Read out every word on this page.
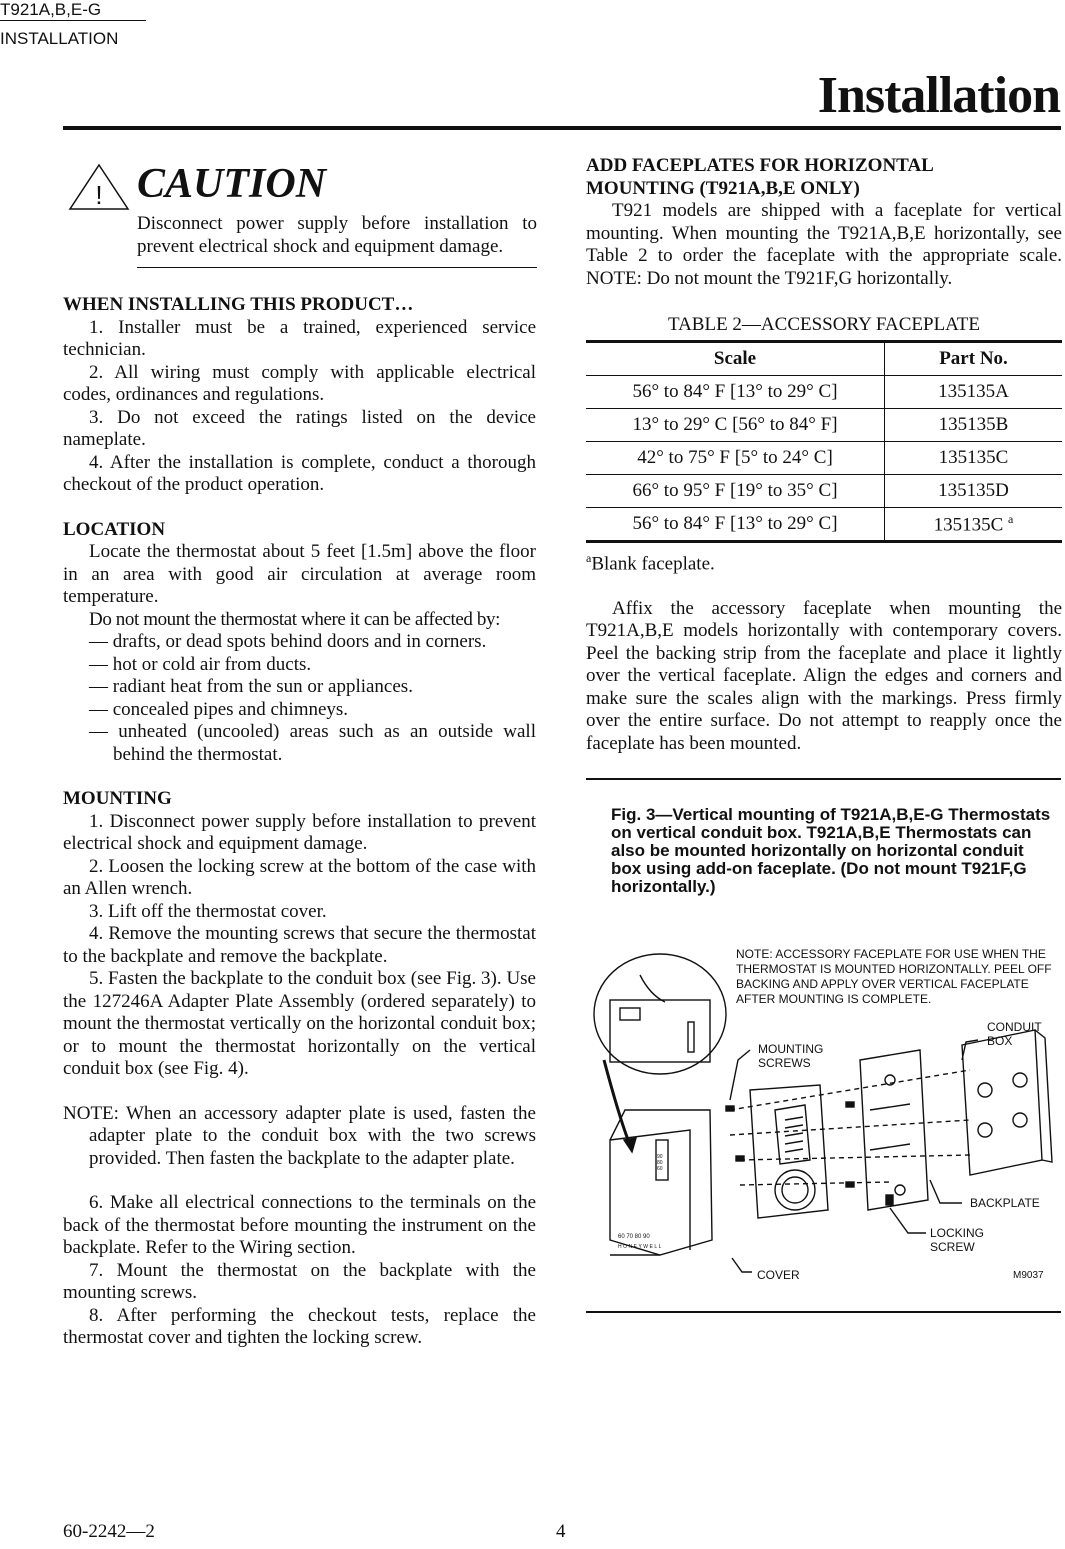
T921A,B,E-G
INSTALLATION
Installation
! CAUTION
Disconnect power supply before installation to prevent electrical shock and equipment damage.

WHEN INSTALLING THIS PRODUCT…

1. Installer must be a trained, experienced service technician.

2. All wiring must comply with applicable electrical codes, ordinances and regulations.

3. Do not exceed the ratings listed on the device nameplate.

4. After the installation is complete, conduct a thorough checkout of the product operation.

LOCATION

Locate the thermostat about 5 feet [1.5m] above the floor in an area with good air circulation at average room temperature.

Do not mount the thermostat where it can be affected by:

— drafts, or dead spots behind doors and in corners.

— hot or cold air from ducts.

— radiant heat from the sun or appliances.

— concealed pipes and chimneys.

— unheated (uncooled) areas such as an outside wall behind the thermostat.

MOUNTING

1. Disconnect power supply before installation to prevent electrical shock and equipment damage.

2. Loosen the locking screw at the bottom of the case with an Allen wrench.

3. Lift off the thermostat cover.

4. Remove the mounting screws that secure the thermostat to the backplate and remove the backplate.

5. Fasten the backplate to the conduit box (see Fig. 3). Use the 127246A Adapter Plate Assembly (ordered separately) to mount the thermostat vertically on the horizontal conduit box; or to mount the thermostat horizontally on the vertical conduit box (see Fig. 4).

NOTE: When an accessory adapter plate is used, fasten the adapter plate to the conduit box with the two screws provided. Then fasten the backplate to the adapter plate.

6. Make all electrical connections to the terminals on the back of the thermostat before mounting the instrument on the backplate. Refer to the Wiring section.

7. Mount the thermostat on the backplate with the mounting screws.

8. After performing the checkout tests, replace the thermostat cover and tighten the locking screw.

ADD FACEPLATES FOR HORIZONTAL

MOUNTING (T921A,B,E ONLY)

T921 models are shipped with a faceplate for vertical mounting. When mounting the T921A,B,E horizontally, see Table 2 to order the faceplate with the appropriate scale. NOTE: Do not mount the T921F,G horizontally.

TABLE 2—ACCESSORY FACEPLATE

Scale	Part No.
56° to 84° F [13° to 29° C]	135135A
13° to 29° C [56° to 84° F]	135135B
42° to 75° F [5° to 24° C]	135135C
66° to 95° F [19° to 35° C]	135135D
56° to 84° F [13° to 29° C]	135135C $^a$

$^a$Blank faceplate.

Affix the accessory faceplate when mounting the T921A,B,E models horizontally with contemporary covers. Peel the backing strip from the faceplate and place it lightly over the vertical faceplate. Align the edges and corners and make sure the scales align with the markings. Press firmly over the entire surface. Do not attempt to reapply once the faceplate has been mounted.

Fig. 3—Vertical mounting of T921A,B,E-G Thermostats on vertical conduit box. T921A,B,E Thermostats can also be mounted horizontally on horizontal conduit box using add-on faceplate. (Do not mount T921F,G horizontally.)
NOTE: ACCESSORY FACEPLATE FOR USE WHEN THE THERMOSTAT IS MOUNTED HORIZONTALLY. PEEL OFF BACKING AND APPLY OVER VERTICAL FACEPLATE AFTER MOUNTING IS COMPLETE.
90
80
60
60 70 80 90
HONEYWELL
MOUNTING
SCREWS
CONDUIT
BOX
BACKPLATE
LOCKING
SCREW
COVER	M9037
60-2242—2	4
